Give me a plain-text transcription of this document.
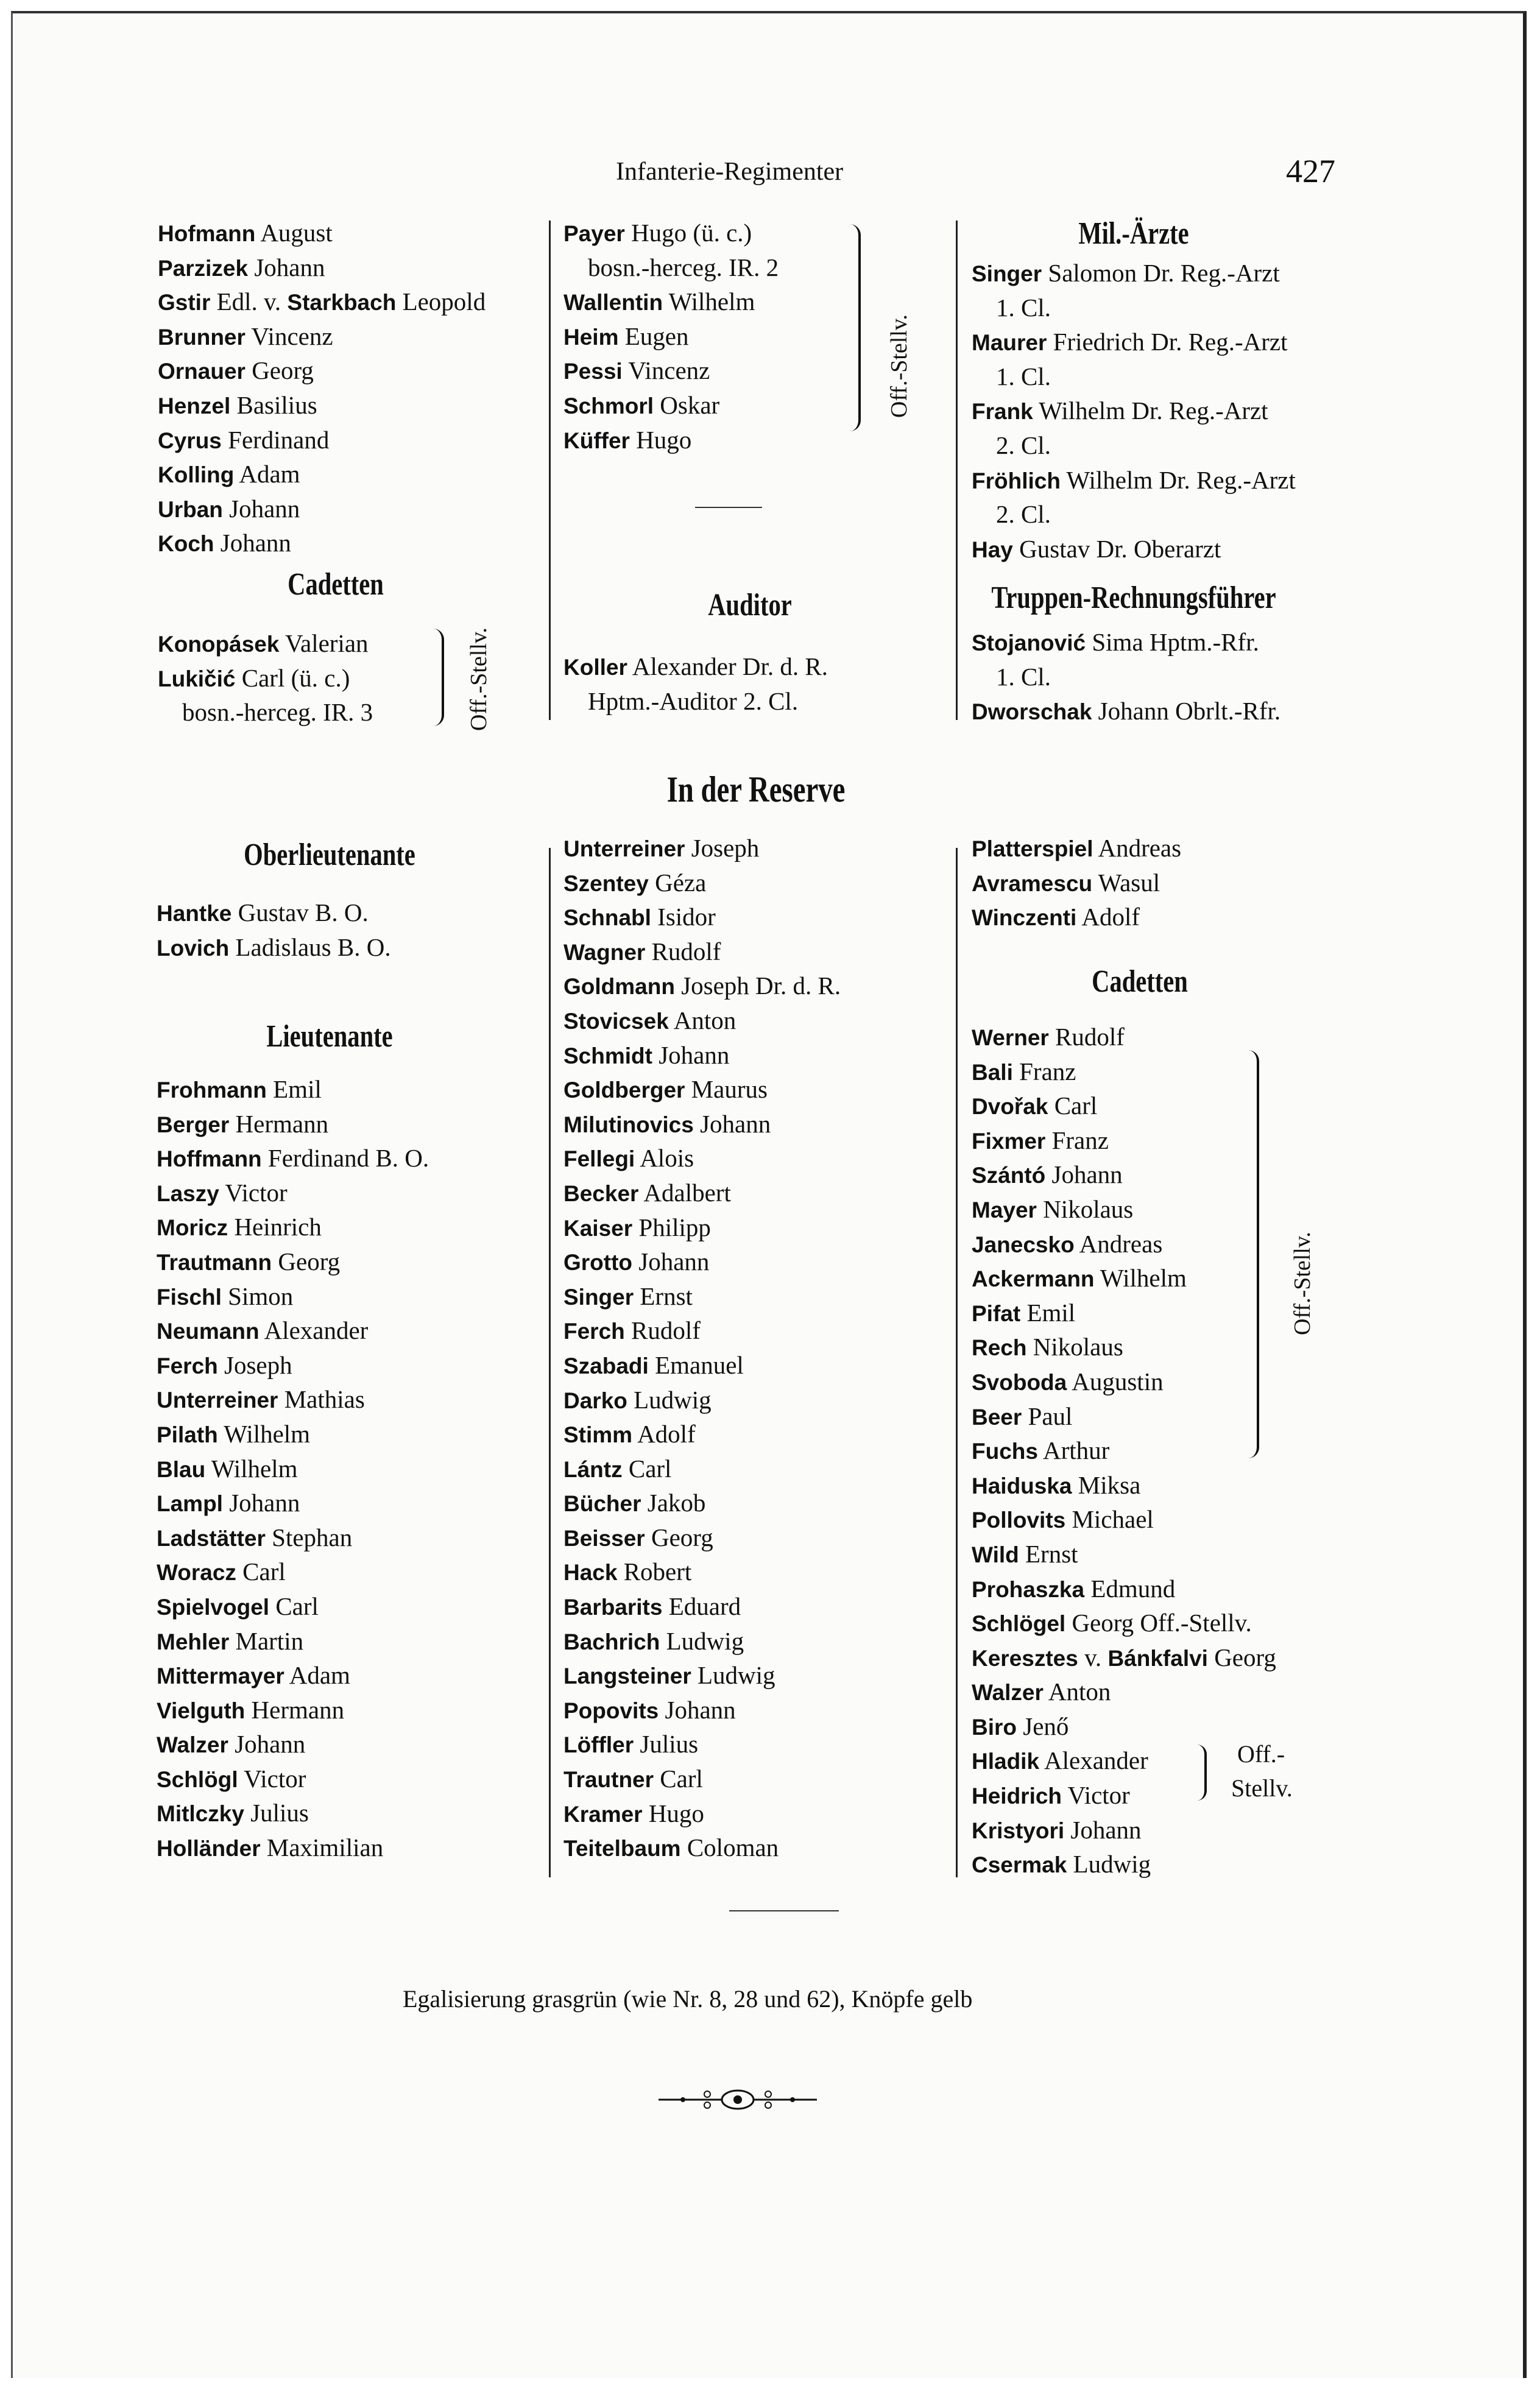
Infanterie-Regimenter	427
Hofmann August
Parzizek Johann
Gstir Edl. v. Starkbach Leopold
Brunner Vincenz
Ornauer Georg
Henzel Basilius
Cyrus Ferdinand
Kolling Adam
Urban Johann
Koch Johann
Cadetten
Konopásek Valerian
Lukičić Carl (ü. c.)
bosn.-herceg. IR. 3	Off.-Stellv.
Payer Hugo (ü. c.)
bosn.-herceg. IR. 2
Wallentin Wilhelm
Heim Eugen
Pessi Vincenz
Schmorl Oskar
Küffer Hugo
Off.-Stellv.
Auditor
Koller Alexander Dr. d. R.
Hptm.-Auditor 2. Cl.
Mil.-Ärzte
Singer Salomon Dr. Reg.-Arzt
1. Cl.
Maurer Friedrich Dr. Reg.-Arzt
1. Cl.
Frank Wilhelm Dr. Reg.-Arzt
2. Cl.
Fröhlich Wilhelm Dr. Reg.-Arzt
2. Cl.
Hay Gustav Dr. Oberarzt
Truppen-Rechnungsführer
Stojanović Sima Hptm.-Rfr.
1. Cl.
Dworschak Johann Obrlt.-Rfr.
In der Reserve
Oberlieutenante
Hantke Gustav B. O.
Lovich Ladislaus B. O.
Lieutenante
Frohmann Emil
Berger Hermann
Hoffmann Ferdinand B. O.
Laszy Victor
Moricz Heinrich
Trautmann Georg
Fischl Simon
Neumann Alexander
Ferch Joseph
Unterreiner Mathias
Pilath Wilhelm
Blau Wilhelm
Lampl Johann
Ladstätter Stephan
Woracz Carl
Spielvogel Carl
Mehler Martin
Mittermayer Adam
Vielguth Hermann
Walzer Johann
Schlögl Victor
Mitlczky Julius
Holländer Maximilian
Unterreiner Joseph
Szentey Géza
Schnabl Isidor
Wagner Rudolf
Goldmann Joseph Dr. d. R.
Stovicsek Anton
Schmidt Johann
Goldberger Maurus
Milutinovics Johann
Fellegi Alois
Becker Adalbert
Kaiser Philipp
Grotto Johann
Singer Ernst
Ferch Rudolf
Szabadi Emanuel
Darko Ludwig
Stimm Adolf
Lántz Carl
Bücher Jakob
Beisser Georg
Hack Robert
Barbarits Eduard
Bachrich Ludwig
Langsteiner Ludwig
Popovits Johann
Löffler Julius
Trautner Carl
Kramer Hugo
Teitelbaum Coloman
Platterspiel Andreas
Avramescu Wasul
Winczenti Adolf
Cadetten
Werner Rudolf
Bali Franz
Dvořak Carl
Fixmer Franz
Szántó Johann
Mayer Nikolaus
Janecsko Andreas
Ackermann Wilhelm
Pifat Emil
Rech Nikolaus
Svoboda Augustin
Beer Paul
Fuchs Arthur
Haiduska Miksa
Pollovits Michael
Wild Ernst
Prohaszka Edmund
Schlögel Georg Off.-Stellv.
Keresztes v. Bánkfalvi Georg
Walzer Anton
Biro Jenő
Hladik Alexander
Heidrich Victor
Kristyori Johann
Csermak Ludwig
Off.-Stellv.
Off.-
Stellv.
Egalisierung grasgrün (wie Nr. 8, 28 und 62), Knöpfe gelb
